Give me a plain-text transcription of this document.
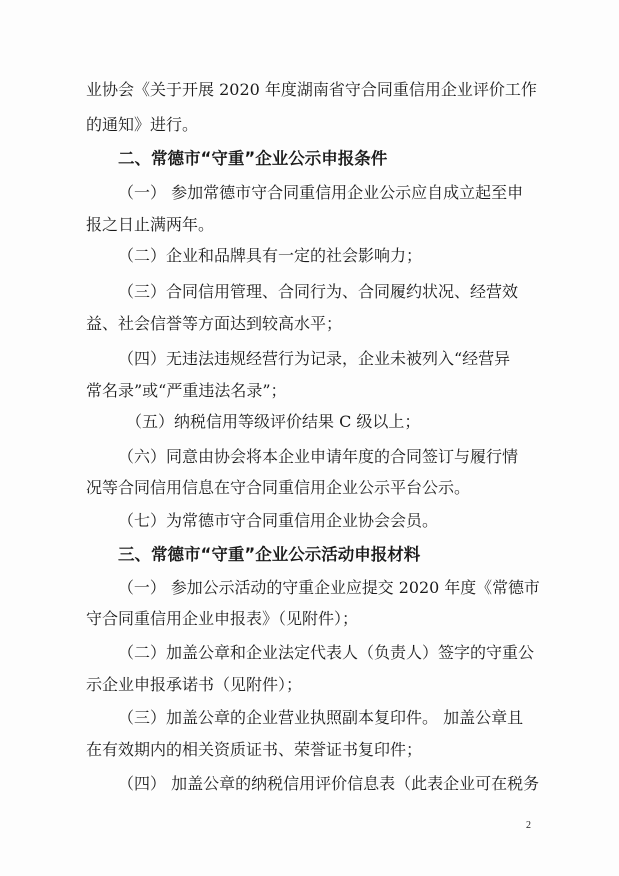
业协会《关于开展 2020 年度湖南省守合同重信用企业评价工作
的通知》进行。
二、常德市“守重”企业公示申报条件
（一） 参加常德市守合同重信用企业公示应自成立起至申
报之日止满两年。
（二）企业和品牌具有一定的社会影响力；
（三）合同信用管理、合同行为、合同履约状况、经营效
益、社会信誉等方面达到较高水平；
（四）无违法违规经营行为记录，企业未被列入“经营异
常名录”或“严重违法名录”；
（五）纳税信用等级评价结果 C 级以上；
（六）同意由协会将本企业申请年度的合同签订与履行情
况等合同信用信息在守合同重信用企业公示平台公示。
（七）为常德市守合同重信用企业协会会员。
三、常德市“守重”企业公示活动申报材料
（一） 参加公示活动的守重企业应提交 2020 年度《常德市
守合同重信用企业申报表》（见附件）；
（二）加盖公章和企业法定代表人（负责人）签字的守重公
示企业申报承诺书（见附件）；
（三）加盖公章的企业营业执照副本复印件。 加盖公章且
在有效期内的相关资质证书、荣誉证书复印件；
（四） 加盖公章的纳税信用评价信息表（此表企业可在税务
2
